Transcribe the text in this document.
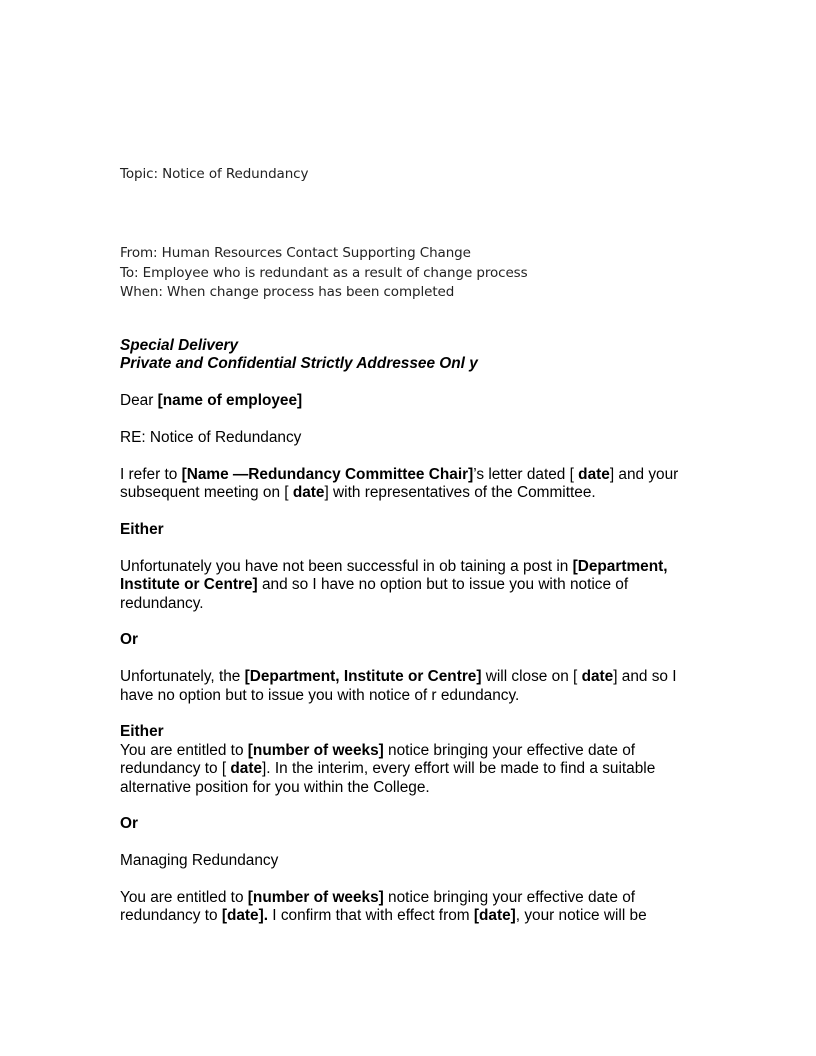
Topic: Notice of Redundancy
From: Human Resources Contact Supporting Change
To: Employee who is redundant as a result of change process
When: When change process has been completed

Special Delivery

Private and Confidential Strictly Addressee Onl y

Dear [name of employee]

RE: Notice of Redundancy

I refer to [Name —Redundancy Committee Chair]’s letter dated [ date] and your subsequent meeting on [ date] with representatives of the Committee.

Either

Unfortunately you have not been successful in ob taining a post in [Department, Institute or Centre] and so I have no option but to issue you with notice of redundancy.

Or

Unfortunately, the [Department, Institute or Centre] will close on [ date] and so I have no option but to issue you with notice of r edundancy.

Either

You are entitled to [number of weeks] notice bringing your effective date of redundancy to [ date]. In the interim, every effort will be made to find a suitable alternative position for you within the College.

Or

Managing Redundancy

You are entitled to [number of weeks] notice bringing your effective date of redundancy to [date]. I confirm that with effect from [date], your notice will be
